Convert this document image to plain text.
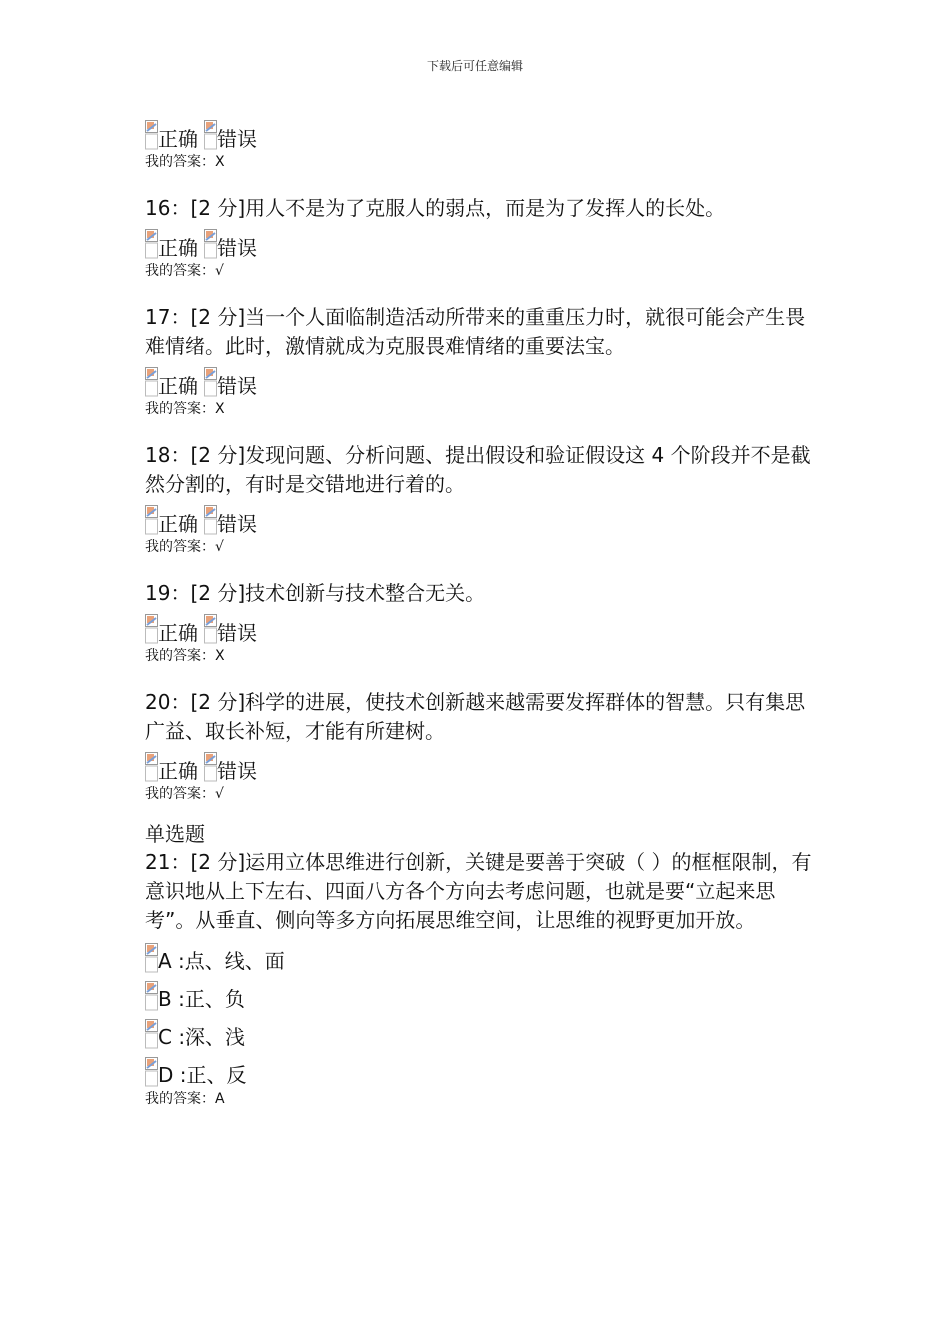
下载后可任意编辑
正确 错误
我的答案：X

16：[2 分]用人不是为了克服人的弱点，而是为了发挥人的长处。

正确 错误
我的答案：√

17：[2 分]当一个人面临制造活动所带来的重重压力时，就很可能会产生畏难情绪。此时，激情就成为克服畏难情绪的重要法宝。

正确 错误
我的答案：X

18：[2 分]发现问题、分析问题、提出假设和验证假设这 4 个阶段并不是截然分割的，有时是交错地进行着的。

正确 错误
我的答案：√

19：[2 分]技术创新与技术整合无关。

正确 错误
我的答案：X

20：[2 分]科学的进展，使技术创新越来越需要发挥群体的智慧。只有集思广益、取长补短，才能有所建树。

正确 错误
我的答案：√
单选题

21：[2 分]运用立体思维进行创新，关键是要善于突破（ ）的框框限制，有意识地从上下左右、四面八方各个方向去考虑问题，也就是要“立起来思考”。从垂直、侧向等多方向拓展思维空间，让思维的视野更加开放。

A :点、线、面
B :正、负
C :深、浅
D :正、反
我的答案：A
